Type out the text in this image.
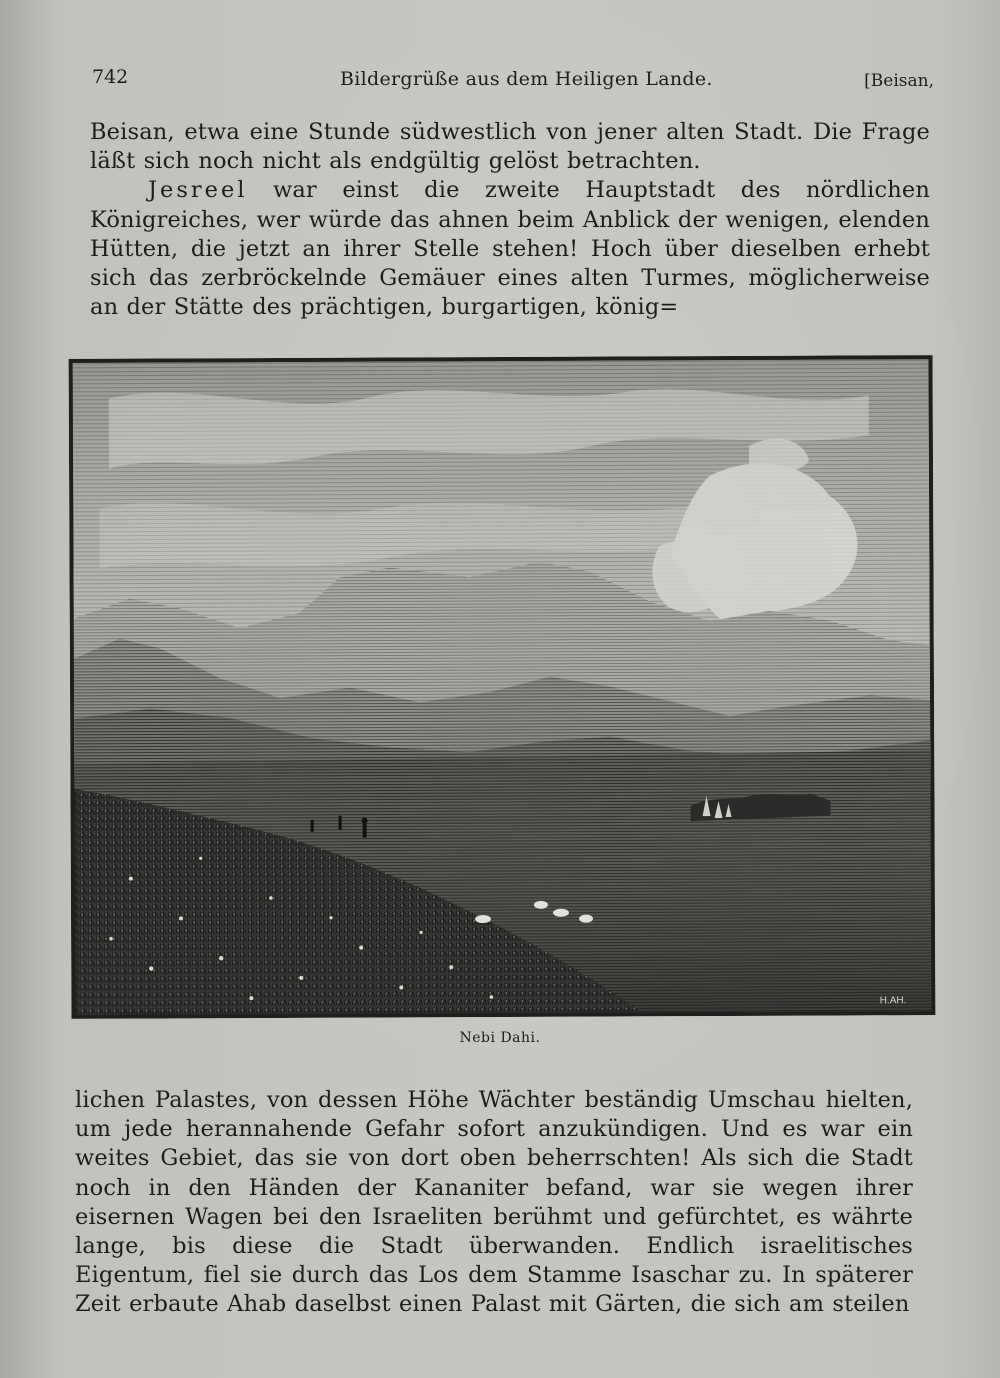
742	Bildergrüße aus dem Heiligen Lande.	[Beisan,

Beisan, etwa eine Stunde südwestlich von jener alten Stadt. Die Frage läßt sich noch nicht als endgültig gelöst betrachten.

Jesreel war einst die zweite Hauptstadt des nördlichen Königreiches, wer würde das ahnen beim Anblick der wenigen, elenden Hütten, die jetzt an ihrer Stelle stehen! Hoch über dieselben erhebt sich das zerbröckelnde Gemäuer eines alten Turmes, möglicherweise an der Stätte des prächtigen, burgartigen, könig=

H.AH.
Nebi Dahi.

lichen Palastes, von dessen Höhe Wächter beständig Umschau hielten, um jede herannahende Gefahr sofort anzukündigen. Und es war ein weites Gebiet, das sie von dort oben beherrschten! Als sich die Stadt noch in den Händen der Kananiter befand, war sie wegen ihrer eisernen Wagen bei den Israeliten berühmt und gefürchtet, es währte lange, bis diese die Stadt überwanden. Endlich israelitisches Eigentum, fiel sie durch das Los dem Stamme Isaschar zu. In späterer Zeit erbaute Ahab daselbst einen Palast mit Gärten, die sich am steilen
